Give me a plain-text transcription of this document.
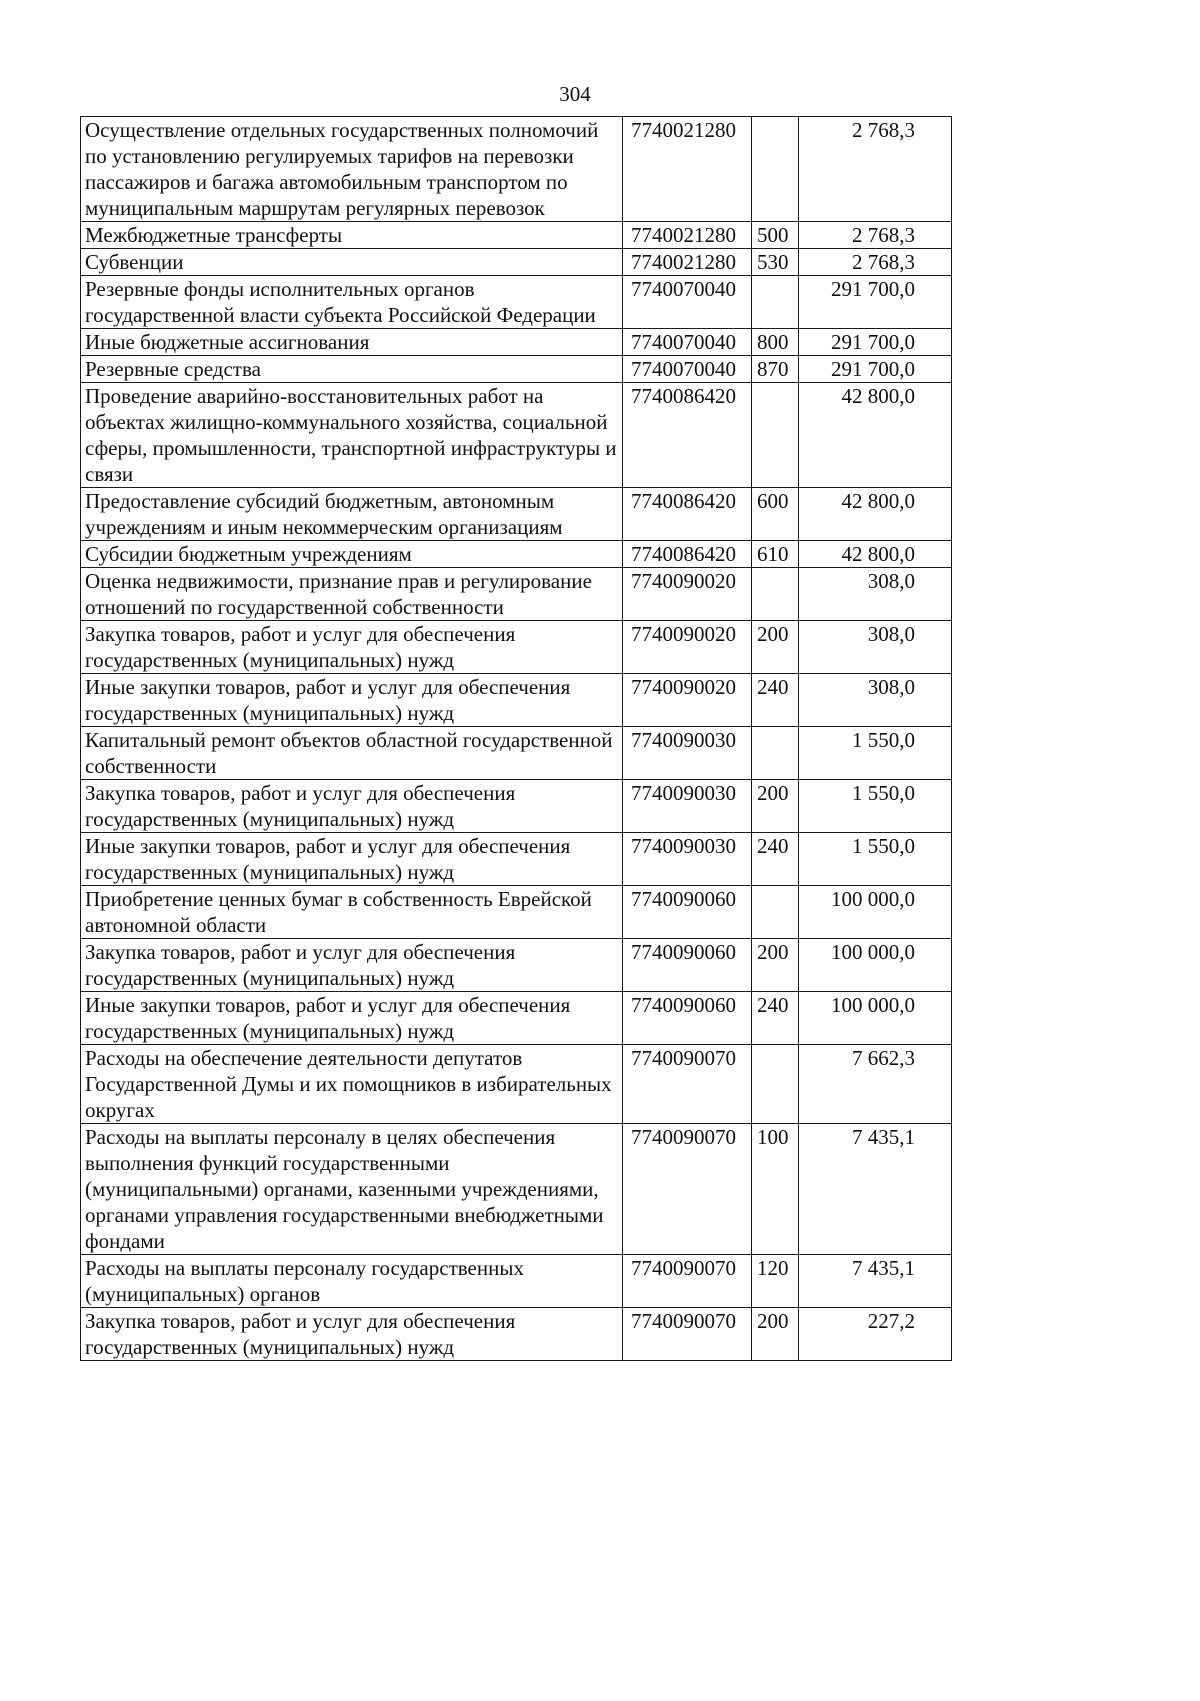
304
Осуществление отдельных государственных полномочий по установлению регулируемых тарифов на перевозки пассажиров и багажа автомобильным транспортом по муниципальным маршрутам регулярных перевозок	7740021280		2 768,3
Межбюджетные трансферты	7740021280	500	2 768,3
Субвенции	7740021280	530	2 768,3
Резервные фонды исполнительных органов государственной власти субъекта Российской Федерации	7740070040		291 700,0
Иные бюджетные ассигнования	7740070040	800	291 700,0
Резервные средства	7740070040	870	291 700,0
Проведение аварийно-восстановительных работ на объектах жилищно-коммунального хозяйства, социальной сферы, промышленности, транспортной инфраструктуры и связи	7740086420		42 800,0
Предоставление субсидий бюджетным, автономным учреждениям и иным некоммерческим организациям	7740086420	600	42 800,0
Субсидии бюджетным учреждениям	7740086420	610	42 800,0
Оценка недвижимости, признание прав и регулирование отношений по государственной собственности	7740090020		308,0
Закупка товаров, работ и услуг для обеспечения государственных (муниципальных) нужд	7740090020	200	308,0
Иные закупки товаров, работ и услуг для обеспечения государственных (муниципальных) нужд	7740090020	240	308,0
Капитальный ремонт объектов областной государственной собственности	7740090030		1 550,0
Закупка товаров, работ и услуг для обеспечения государственных (муниципальных) нужд	7740090030	200	1 550,0
Иные закупки товаров, работ и услуг для обеспечения государственных (муниципальных) нужд	7740090030	240	1 550,0
Приобретение ценных бумаг в собственность Еврейской автономной области	7740090060		100 000,0
Закупка товаров, работ и услуг для обеспечения государственных (муниципальных) нужд	7740090060	200	100 000,0
Иные закупки товаров, работ и услуг для обеспечения государственных (муниципальных) нужд	7740090060	240	100 000,0
Расходы на обеспечение деятельности депутатов Государственной Думы и их помощников в избирательных округах	7740090070		7 662,3
Расходы на выплаты персоналу в целях обеспечения выполнения функций государственными (муниципальными) органами, казенными учреждениями, органами управления государственными внебюджетными фондами	7740090070	100	7 435,1
Расходы на выплаты персоналу государственных (муниципальных) органов	7740090070	120	7 435,1
Закупка товаров, работ и услуг для обеспечения государственных (муниципальных) нужд	7740090070	200	227,2
